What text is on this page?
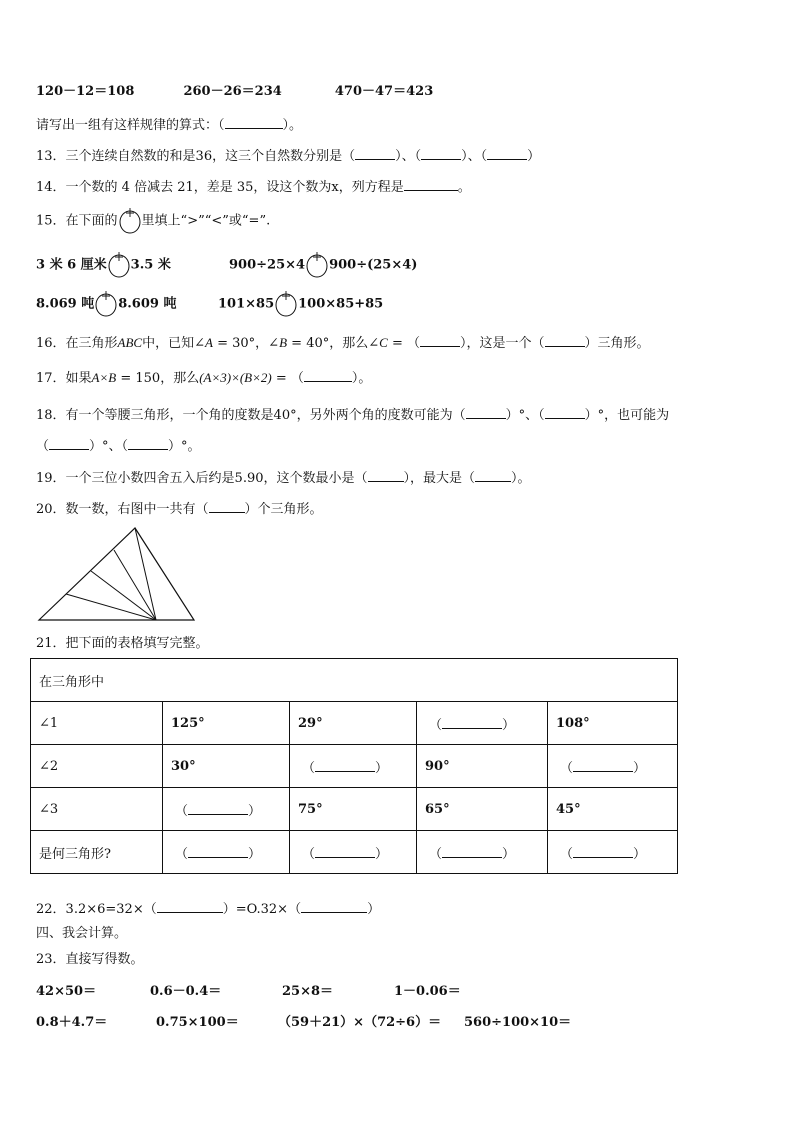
120－12＝108	260－26＝234	470－47＝423
请写出一组有这样规律的算式：（	）。
13．三个连续自然数的和是36，这三个自然数分别是（	）、（	）、（	）
14．一个数的 4 倍减去 21，差是 35，设这个数为x，列方程是	。
15．在下面的 里填上“>”“<”或“=”.
3 米 6 厘米 3.5 米	900÷25×4 900÷(25×4)
8.069 吨 8.609 吨	101×85 100×85+85
16．在三角形ABC中，已知∠A = 30°，∠B = 40°，那么∠C = （	），这是一个（	）三角形。
17．如果A×B = 150，那么(A×3)×(B×2) = （	）。
18．有一个等腰三角形，一个角的度数是40°，另外两个角的度数可能为（	）°、（	）°，也可能为
（	）°、（	）°。
19．一个三位小数四舍五入后约是5.90，这个数最小是（	），最大是（	）。
20．数一数，右图中一共有（	）个三角形。
21．把下面的表格填写完整。
在三角形中				
∠1	125°	29°	（ ）	108°
∠2	30°	（ ）	90°	（ ）
∠3	（ ）	75°	65°	45°
是何三角形?	（ ）	（ ）	（ ）	（ ）
22．3.2×6=32×（	）=O.32×（	）
四、我会计算。
23．直接写得数。
42×50＝	0.6－0.4＝	25×8＝	1－0.06＝
0.8＋4.7＝	0.75×100＝	（59＋21）×（72÷6）＝ 560÷100×10＝
